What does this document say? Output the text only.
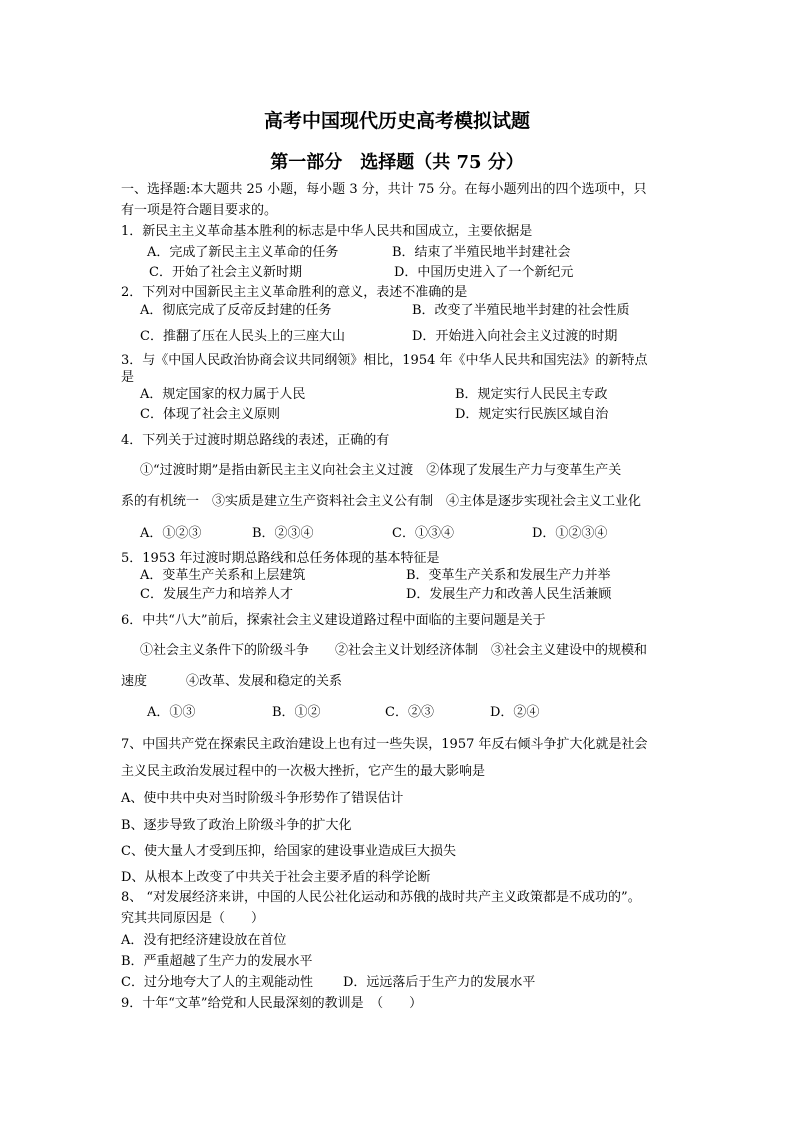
高考中国现代历史高考模拟试题
第一部分　选择题（共 75 分）
一、选择题:本大题共 25 小题，每小题 3 分，共计 75 分。在每小题列出的四个选项中，只
有一项是符合题目要求的。
1．新民主主义革命基本胜利的标志是中华人民共和国成立，主要依据是
A．完成了新民主主义革命的任务	B．结束了半殖民地半封建社会
C．开始了社会主义新时期	D．中国历史进入了一个新纪元
2．下列对中国新民主主义革命胜利的意义，表述不准确的是
A．彻底完成了反帝反封建的任务	B．改变了半殖民地半封建的社会性质
C．推翻了压在人民头上的三座大山	D．开始进入向社会主义过渡的时期
3．与《中国人民政治协商会议共同纲领》相比，1954 年《中华人民共和国宪法》的新特点
是
A．规定国家的权力属于人民	B．规定实行人民民主专政
C．体现了社会主义原则	D．规定实行民族区域自治
4．下列关于过渡时期总路线的表述，正确的有
①“过渡时期”是指由新民主主义向社会主义过渡　②体现了发展生产力与变革生产关
系的有机统一　③实质是建立生产资料社会主义公有制　④主体是逐步实现社会主义工业化
A．①②③	B．②③④	C．①③④	D．①②③④
5．1953 年过渡时期总路线和总任务体现的基本特征是
A．变革生产关系和上层建筑	B．变革生产关系和发展生产力并举
C．发展生产力和培养人才	D．发展生产力和改善人民生活兼顾
6．中共“八大”前后，探索社会主义建设道路过程中面临的主要问题是关于
①社会主义条件下的阶级斗争　　②社会主义计划经济体制　③社会主义建设中的规模和
速度　　　④改革、发展和稳定的关系
A．①③	B．①②	C．②③	D．②④
7、中国共产党在探索民主政治建设上也有过一些失误，1957 年反右倾斗争扩大化就是社会
主义民主政治发展过程中的一次极大挫折，它产生的最大影响是
A、使中共中央对当时阶级斗争形势作了错误估计
B、逐步导致了政治上阶级斗争的扩大化
C、使大量人才受到压抑，给国家的建设事业造成巨大损失
D、从根本上改变了中共关于社会主要矛盾的科学论断
8、 “对发展经济来讲，中国的人民公社化运动和苏俄的战时共产主义政策都是不成功的”。
究其共同原因是（　　）
A．没有把经济建设放在首位
B．严重超越了生产力的发展水平
C．过分地夸大了人的主观能动性 D．远远落后于生产力的发展水平
9．十年“文革”给党和人民最深刻的教训是　（　　）
